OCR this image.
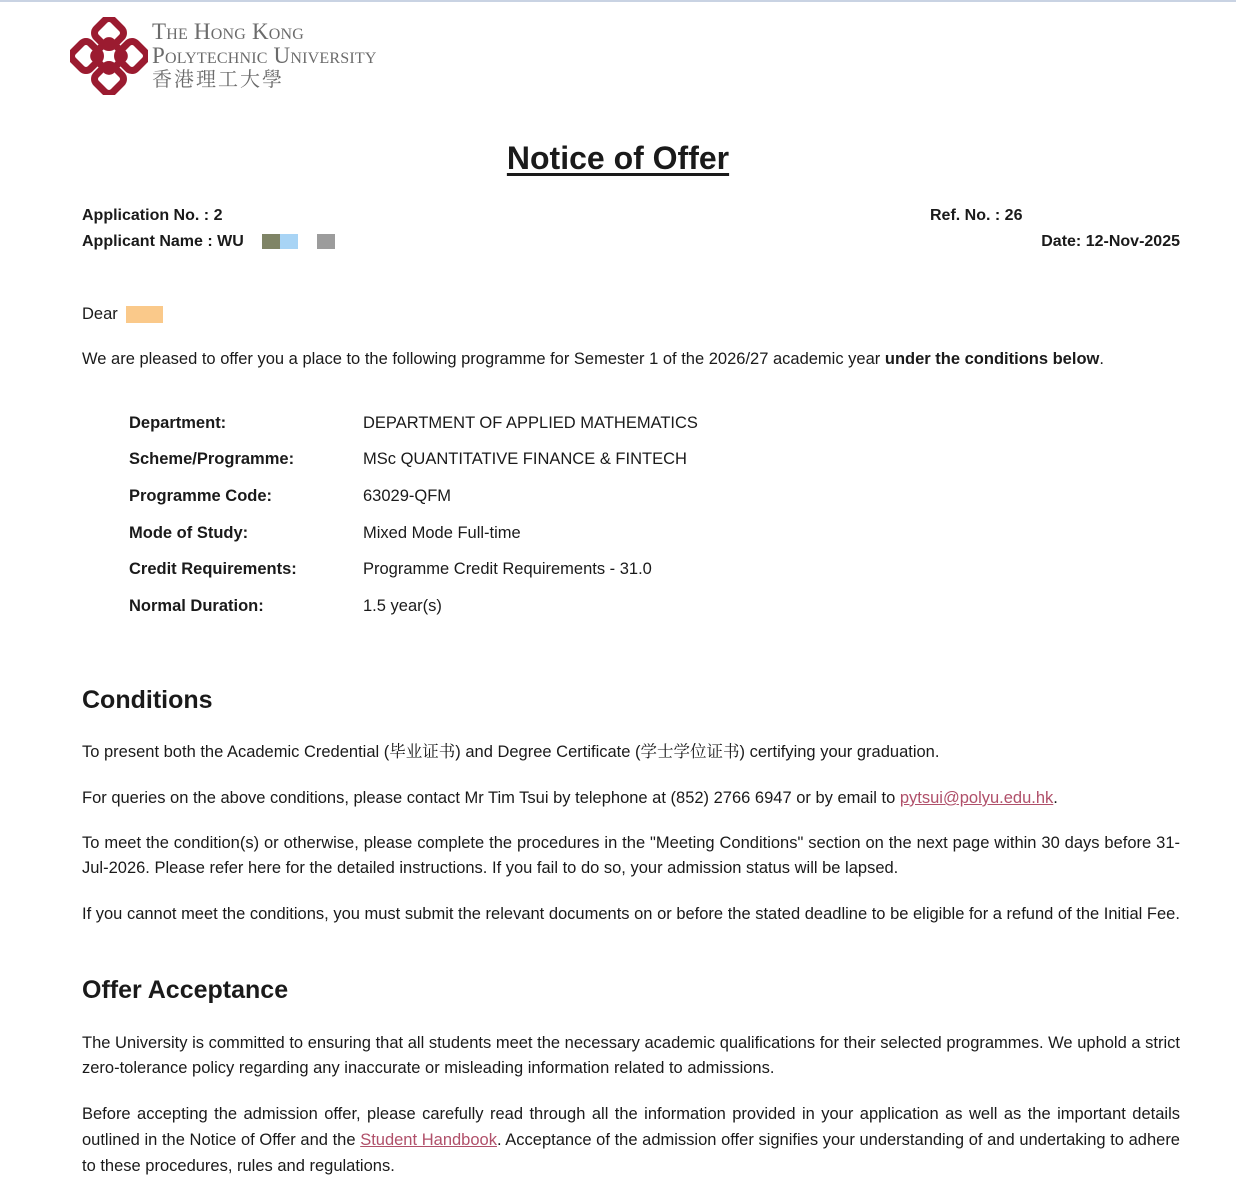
The Hong Kong
Polytechnic University
香港理工大學
Notice of Offer
Application No. : 2
Applicant Name : WU
Ref. No. : 26
Date: 12-Nov-2025
Dear
We are pleased to offer you a place to the following programme for Semester 1 of the 2026/27 academic year under the conditions below.
Department:	DEPARTMENT OF APPLIED MATHEMATICS
Scheme/Programme:	MSc QUANTITATIVE FINANCE & FINTECH
Programme Code:	63029-QFM
Mode of Study:	Mixed Mode Full-time
Credit Requirements:	Programme Credit Requirements - 31.0
Normal Duration:	1.5 year(s)
Conditions
To present both the Academic Credential (毕业证书) and Degree Certificate (学士学位证书) certifying your graduation.
For queries on the above conditions, please contact Mr Tim Tsui by telephone at (852) 2766 6947 or by email to pytsui@polyu.edu.hk.
To meet the condition(s) or otherwise, please complete the procedures in the "Meeting Conditions" section on the next page within 30 days before 31-Jul-2026. Please refer here for the detailed instructions. If you fail to do so, your admission status will be lapsed.
If you cannot meet the conditions, you must submit the relevant documents on or before the stated deadline to be eligible for a refund of the Initial Fee.
Offer Acceptance
The University is committed to ensuring that all students meet the necessary academic qualifications for their selected programmes. We uphold a strict zero-tolerance policy regarding any inaccurate or misleading information related to admissions.
Before accepting the admission offer, please carefully read through all the information provided in your application as well as the important details outlined in the Notice of Offer and the Student Handbook. Acceptance of the admission offer signifies your understanding of and undertaking to adhere to these procedures, rules and regulations.
